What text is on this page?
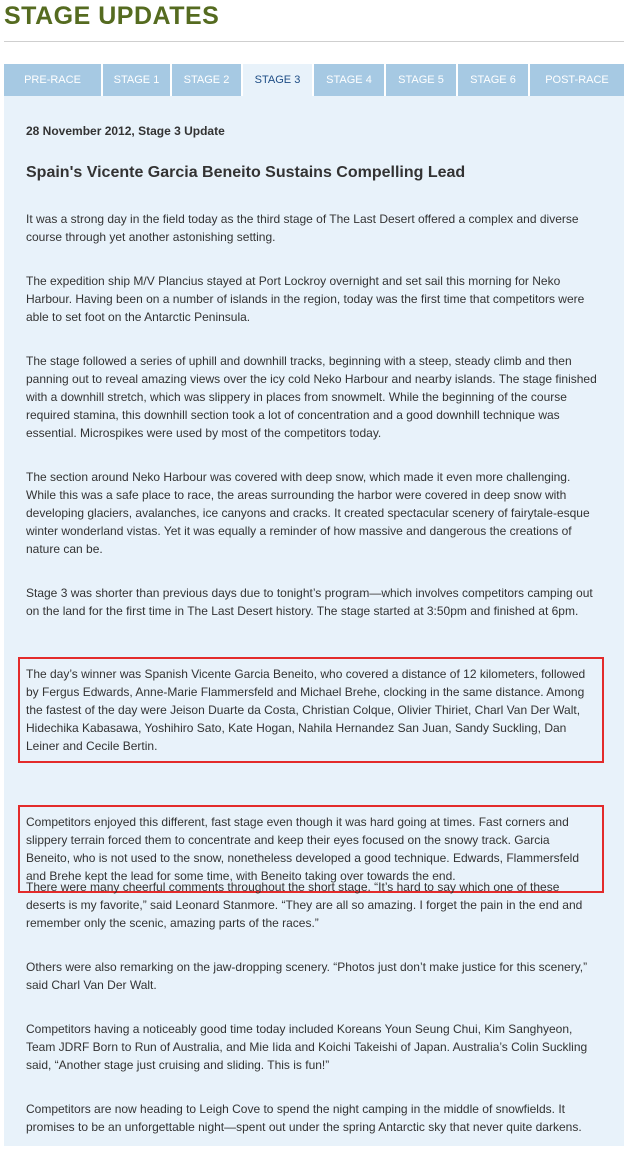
STAGE UPDATES
PRE-RACE	STAGE 1	STAGE 2	STAGE 3	STAGE 4	STAGE 5	STAGE 6	POST-RACE
28 November 2012, Stage 3 Update
Spain's Vicente Garcia Beneito Sustains Compelling Lead

It was a strong day in the field today as the third stage of The Last Desert offered a complex and diverse course through yet another astonishing setting.

The expedition ship M/V Plancius stayed at Port Lockroy overnight and set sail this morning for Neko Harbour. Having been on a number of islands in the region, today was the first time that competitors were able to set foot on the Antarctic Peninsula.

The stage followed a series of uphill and downhill tracks, beginning with a steep, steady climb and then panning out to reveal amazing views over the icy cold Neko Harbour and nearby islands. The stage finished with a downhill stretch, which was slippery in places from snowmelt. While the beginning of the course required stamina, this downhill section took a lot of concentration and a good downhill technique was essential. Microspikes were used by most of the competitors today.

The section around Neko Harbour was covered with deep snow, which made it even more challenging. While this was a safe place to race, the areas surrounding the harbor were covered in deep snow with developing glaciers, avalanches, ice canyons and cracks. It created spectacular scenery of fairytale-esque winter wonderland vistas. Yet it was equally a reminder of how massive and dangerous the creations of nature can be.

Stage 3 was shorter than previous days due to tonight’s program—which involves competitors camping out on the land for the first time in The Last Desert history. The stage started at 3:50pm and finished at 6pm.

The day’s winner was Spanish Vicente Garcia Beneito, who covered a distance of 12 kilometers, followed by Fergus Edwards, Anne-Marie Flammersfeld and Michael Brehe, clocking in the same distance. Among the fastest of the day were Jeison Duarte da Costa, Christian Colque, Olivier Thiriet, Charl Van Der Walt, Hidechika Kabasawa, Yoshihiro Sato, Kate Hogan, Nahila Hernandez San Juan, Sandy Suckling, Dan Leiner and Cecile Bertin.
Competitors enjoyed this different, fast stage even though it was hard going at times. Fast corners and slippery terrain forced them to concentrate and keep their eyes focused on the snowy track. Garcia Beneito, who is not used to the snow, nonetheless developed a good technique. Edwards, Flammersfeld and Brehe kept the lead for some time, with Beneito taking over towards the end.

There were many cheerful comments throughout the short stage. “It’s hard to say which one of these deserts is my favorite,” said Leonard Stanmore. “They are all so amazing. I forget the pain in the end and remember only the scenic, amazing parts of the races.”

Others were also remarking on the jaw-dropping scenery. “Photos just don’t make justice for this scenery,” said Charl Van Der Walt.

Competitors having a noticeably good time today included Koreans Youn Seung Chui, Kim Sanghyeon, Team JDRF Born to Run of Australia, and Mie Iida and Koichi Takeishi of Japan. Australia’s Colin Suckling said, “Another stage just cruising and sliding. This is fun!”

Competitors are now heading to Leigh Cove to spend the night camping in the middle of snowfields. It promises to be an unforgettable night—spent out under the spring Antarctic sky that never quite darkens.
